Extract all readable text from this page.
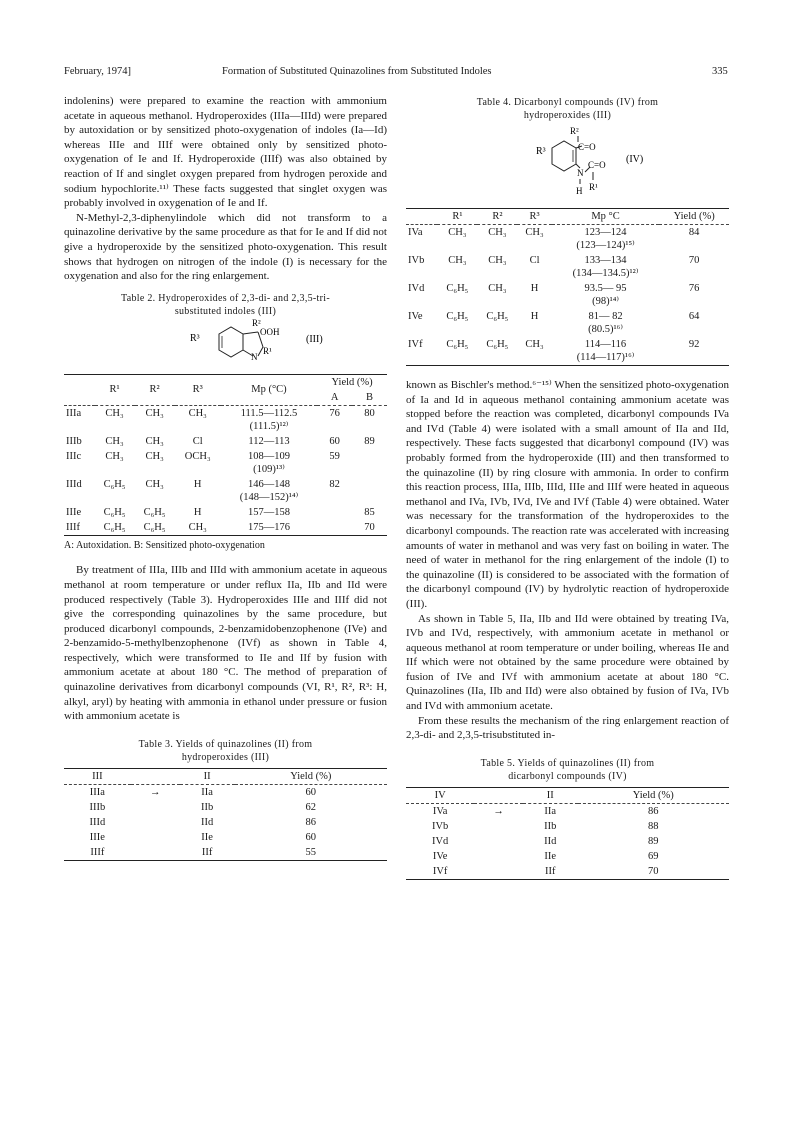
February, 1974]	Formation of Substituted Quinazolines from Substituted Indoles	335

indolenins) were prepared to examine the reaction with ammonium acetate in aqueous methanol. Hydroperoxides (IIIa—IIId) were prepared by autoxidation or by sensitized photo-oxygenation of indoles (Ia—Id) whereas IIIe and IIIf were obtained only by sensitized photo-oxygenation of Ie and If. Hydroperoxide (IIIf) was also obtained by reaction of If and singlet oxygen prepared from hydrogen peroxide and sodium hypochlorite.¹¹⁾ These facts suggested that singlet oxygen was probably involved in oxygenation of Ie and If.

N-Methyl-2,3-diphenylindole which did not transform to a quinazoline derivative by the same procedure as that for Ie and If did not give a hydroperoxide by the sensitized photo-oxygenation. This result shows that hydrogen on nitrogen of the indole (I) is necessary for the oxygenation and also for the ring enlargement.

Table 2. Hydroperoxides of 2,3-di- and 2,3,5-tri-
substituted indoles (III)
R³
R²
OOH
N
R¹
(III)
	R¹	R²	R³	Mp (°C)	Yield (%)	
					A	B
IIIa	CH₃	CH₃	CH₃	111.5—112.5
(111.5)¹²⁾	76	80
IIIb	CH₃	CH₃	Cl	112—113	60	89
IIIc	CH₃	CH₃	OCH₃	108—109
(109)¹³⁾	59	
IIId	C₆H₅	CH₃	H	146—148
(148—152)¹⁴⁾	82	
IIIe	C₆H₅	C₆H₅	H	157—158		85
IIIf	C₆H₅	C₆H₅	CH₃	175—176		70
A: Autoxidation. B: Sensitized photo-oxygenation

By treatment of IIIa, IIIb and IIId with ammonium acetate in aqueous methanol at room temperature or under reflux IIa, IIb and IId were produced respectively (Table 3). Hydroperoxides IIIe and IIIf did not give the corresponding quinazolines by the same procedure, but produced dicarbonyl compounds, 2-benzamidobenzophenone (IVe) and 2-benzamido-5-methylbenzophenone (IVf) as shown in Table 4, respectively, which were transformed to IIe and IIf by fusion with ammonium acetate at about 180 °C. The method of preparation of quinazoline derivatives from dicarbonyl compounds (VI, R¹, R², R³: H, alkyl, aryl) by heating with ammonia in ethanol under pressure or fusion with ammonium acetate is

Table 3. Yields of quinazolines (II) from
hydroperoxides (III)
III		II	Yield (%)
IIIa	→	IIa	60
IIIb		IIb	62
IIId		IId	86
IIIe		IIe	60
IIIf		IIf	55
Table 4. Dicarbonyl compounds (IV) from
hydroperoxides (III)
R²
R³	C=O
N
C=O
R¹
H
(IV)
	R¹	R²	R³	Mp °C	Yield (%)
IVa	CH₃	CH₃	CH₃	123—124
(123—124)¹⁵⁾	84
IVb	CH₃	CH₃	Cl	133—134
(134—134.5)¹²⁾	70
IVd	C₆H₅	CH₃	H	93.5— 95
(98)¹⁴⁾	76
IVe	C₆H₅	C₆H₅	H	81— 82
(80.5)¹⁶⁾	64
IVf	C₆H₅	C₆H₅	CH₃	114—116
(114—117)¹⁶⁾	92

known as Bischler's method.⁶⁻¹⁵⁾ When the sensitized photo-oxygenation of Ia and Id in aqueous methanol containing ammonium acetate was stopped before the reaction was completed, dicarbonyl compounds IVa and IVd (Table 4) were isolated with a small amount of IIa and IId, respectively. These facts suggested that dicarbonyl compound (IV) was probably formed from the hydroperoxide (III) and then transformed to the quinazoline (II) by ring closure with ammonia. In order to confirm this reaction process, IIIa, IIIb, IIId, IIIe and IIIf were heated in aqueous methanol and IVa, IVb, IVd, IVe and IVf (Table 4) were obtained. Water was necessary for the transformation of the hydroperoxides to the dicarbonyl compounds. The reaction rate was accelerated with increasing amounts of water in methanol and was very fast on boiling in water. The need of water in methanol for the ring enlargement of the indole (I) to the quinazoline (II) is considered to be associated with the formation of the dicarbonyl compound (IV) by hydrolytic reaction of hydroperoxide (III).

As shown in Table 5, IIa, IIb and IId were obtained by treating IVa, IVb and IVd, respectively, with ammonium acetate in methanol or aqueous methanol at room temperature or under boiling, whereas IIe and IIf which were not obtained by the same procedure were obtained by fusion of IVe and IVf with ammonium acetate at about 180 °C. Quinazolines (IIa, IIb and IId) were also obtained by fusion of IVa, IVb and IVd with ammonium acetate.

From these results the mechanism of the ring enlargement reaction of 2,3-di- and 2,3,5-trisubstituted in-

Table 5. Yields of quinazolines (II) from
dicarbonyl compounds (IV)
IV		II	Yield (%)
IVa	→	IIa	86
IVb		IIb	88
IVd		IId	89
IVe		IIe	69
IVf		IIf	70
